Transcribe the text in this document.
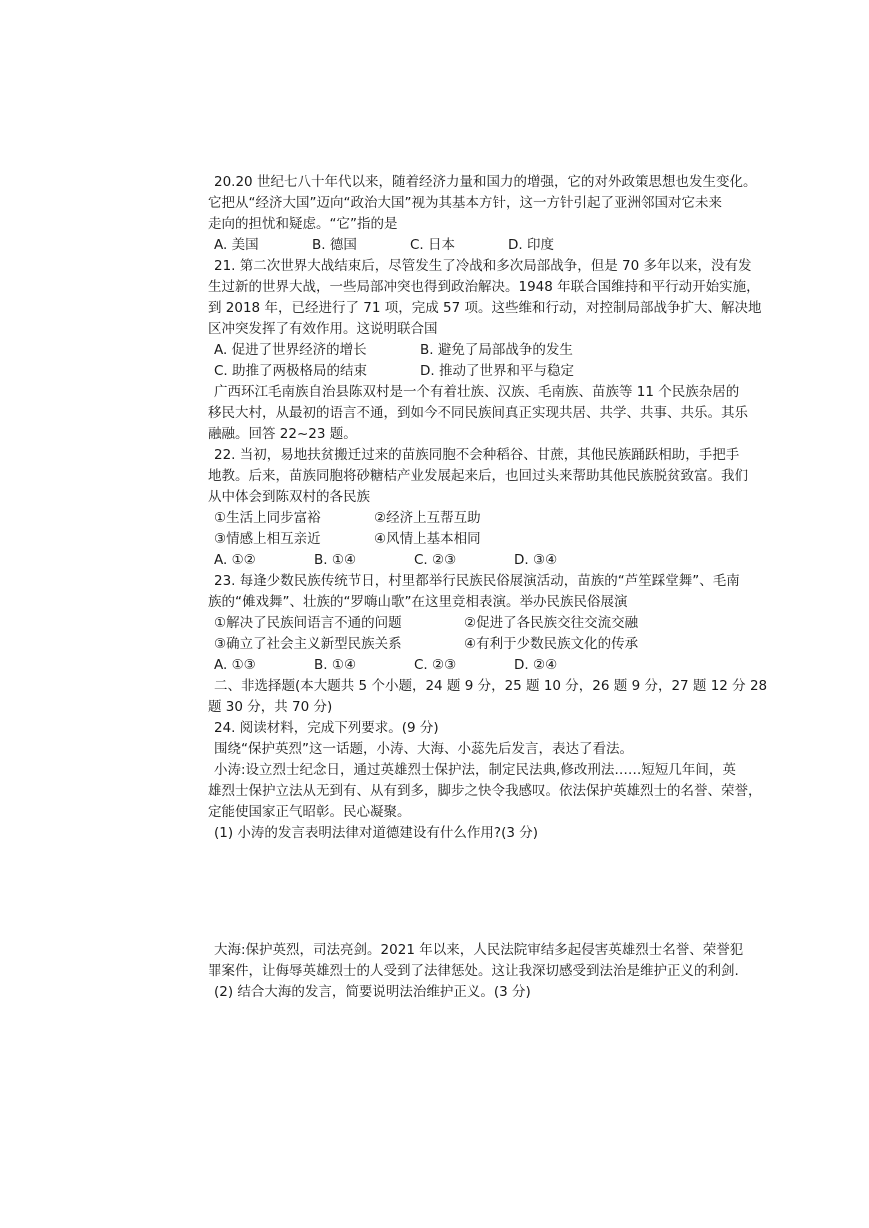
20.20 世纪七八十年代以来，随着经济力量和国力的增强，它的对外政策思想也发生变化。

它把从“经济大国”迈向“政治大国”视为其基本方针，这一方针引起了亚洲邻国对它未来

走向的担忧和疑虑。“它”指的是

A. 美国	B. 德国	C. 日本	D. 印度

21. 第二次世界大战结束后，尽管发生了冷战和多次局部战争，但是 70 多年以来，没有发

生过新的世界大战，一些局部冲突也得到政治解决。1948 年联合国维持和平行动开始实施，

到 2018 年，已经进行了 71 项，完成 57 项。这些维和行动，对控制局部战争扩大、解决地

区冲突发挥了有效作用。这说明联合国

A. 促进了世界经济的增长	B. 避免了局部战争的发生
C. 助推了两极格局的结束	D. 推动了世界和平与稳定

广西环江毛南族自治县陈双村是一个有着壮族、汉族、毛南族、苗族等 11 个民族杂居的

移民大村，从最初的语言不通，到如今不同民族间真正实现共居、共学、共事、共乐。其乐

融融。回答 22~23 题。

22. 当初，易地扶贫搬迁过来的苗族同胞不会种稻谷、甘蔗，其他民族踊跃相助，手把手

地教。后来，苗族同胞将砂糖桔产业发展起来后，也回过头来帮助其他民族脱贫致富。我们

从中体会到陈双村的各民族

①生活上同步富裕	②经济上互帮互助
③情感上相互亲近	④风情上基本相同
A. ①②	B. ①④	C. ②③	D. ③④

23. 每逢少数民族传统节日，村里都举行民族民俗展演活动，苗族的“芦笙踩堂舞”、毛南

族的“傩戏舞”、壮族的“罗嗨山歌”在这里竞相表演。举办民族民俗展演

①解决了民族间语言不通的问题	②促进了各民族交往交流交融
③确立了社会主义新型民族关系	④有利于少数民族文化的传承
A. ①③	B. ①④	C. ②③	D. ②④

二、非选择题(本大题共 5 个小题，24 题 9 分，25 题 10 分，26 题 9 分，27 题 12 分 28

题 30 分，共 70 分)

24. 阅读材料，完成下列要求。(9 分)

围绕“保护英烈”这一话题，小涛、大海、小蕊先后发言，表达了看法。

小涛:设立烈士纪念日，通过英雄烈士保护法，制定民法典,修改刑法……短短几年间，英

雄烈士保护立法从无到有、从有到多，脚步之快令我感叹。依法保护英雄烈士的名誉、荣誉，

定能使国家正气昭彰。民心凝聚。

(1) 小涛的发言表明法律对道德建设有什么作用?(3 分)

大海:保护英烈，司法亮剑。2021 年以来，人民法院审结多起侵害英雄烈士名誉、荣誉犯

罪案件，让侮辱英雄烈士的人受到了法律惩处。这让我深切感受到法治是维护正义的利剑.

(2) 结合大海的发言，简要说明法治维护正义。(3 分)
